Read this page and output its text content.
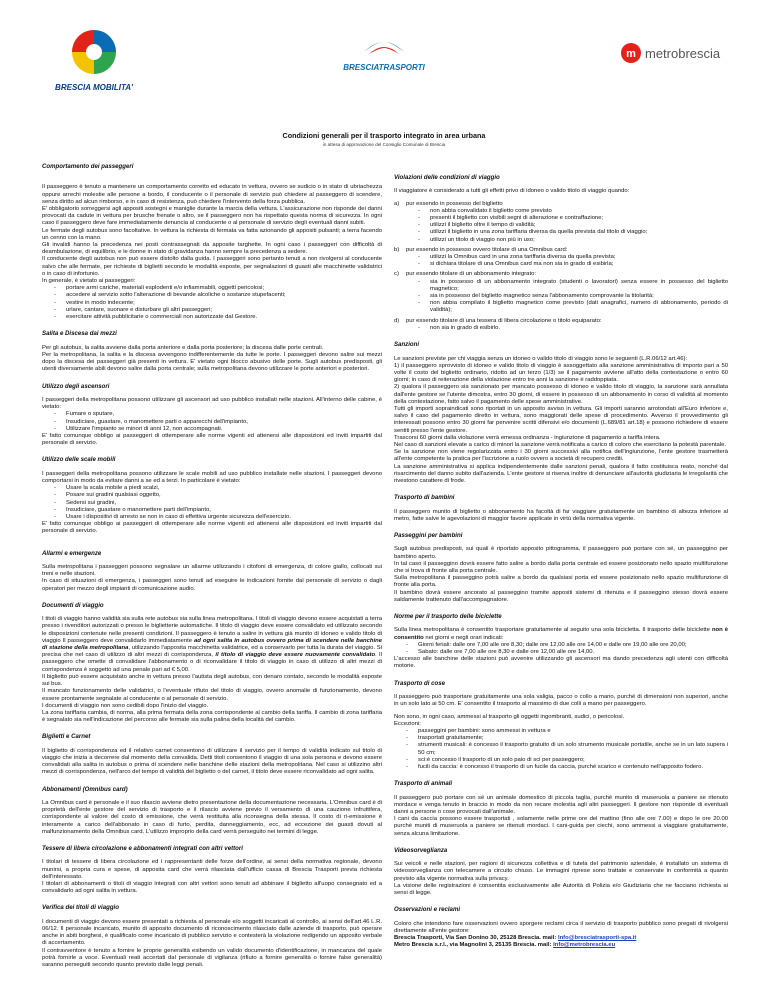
BRESCIA MOBILITA'
BRESCIATRASPORTI
m metrobrescia
Condizioni generali per il trasporto integrato in area urbana
in attesa di approvazione del Consiglio Comunale di Brescia
Comportamento dei passeggeri

Il passeggero è tenuto a mantenere un comportamento corretto ed educato in vettura, ovvero se sudicio o in stato di ubriachezza oppure arrechi molestie alle persone a bordo, il conducente o il personale di servizio può chiedere al passeggero di scendere, senza diritto ad alcun rimborso, e in caso di resistenza, può chiedere l'intervento della forza pubblica.

E' obbligatorio sorreggersi agli appositi sostegni e maniglie durante la marcia della vettura. L'assicurazione non risponde dei danni provocati da cadute in vettura per brusche frenate o altro, se il passeggero non ha rispettato questa norma di sicurezza. In ogni caso il passeggero deve fare immediatamente denuncia al conducente o al personale di servizio degli eventuali danni subiti.

Le fermate degli autobus sono facoltative. In vettura la richiesta di fermata va fatta azionando gli appositi pulsanti; a terra facendo un cenno con la mano.

Gli invalidi hanno la precedenza nei posti contrassegnati da apposite targhette. In ogni caso i passeggeri con difficoltà di deambulazione, di equilibrio, e le donne in stato di gravidanza hanno sempre la precedenza a sedere.

Il conducente degli autobus non può essere distolto dalla guida. I passeggeri sono pertanto tenuti a non rivolgersi al conducente salvo che alle fermate, per richieste di biglietti secondo le modalità esposte, per segnalazioni di guasti alle macchinette validatrici o in caso di infortunio.

In generale, è vietato ai passeggeri:

- portare armi cariche, materiali esplodenti e/o infiammabili, oggetti pericolosi;
- accedere al servizio sotto l'alterazione di bevande alcoliche o sostanze stupefacenti;
- vestire in modo indecente;
- urlare, cantare, suonare e disturbare gli altri passeggeri;
- esercitare attività pubblicitarie o commerciali non autorizzate dal Gestore.
Salita e Discesa dai mezzi

Per gli autobus, la salita avviene dalla porta anteriore e dalla porta posteriore; la discesa dalle porte centrali.

Per la metropolitana, la salita e la discesa avvengono indifferentemente da tutte le porte. I passeggeri devono salire sui mezzi dopo la discesa dei passeggeri già presenti in vettura. E' vietato ogni blocco abusivo delle porte. Sugli autobus predisposti, gli utenti diversamente abili devono salire dalla porta centrale; sulla metropolitana devono utilizzare le porte anteriori e posteriori.

Utilizzo degli ascensori

I passeggeri della metropolitana possono utilizzare gli ascensori ad uso pubblico installati nelle stazioni. All'interno delle cabine, è vietato:

- Fumare o sputare,
- Insudiciare, guastare, o manomettere parti o apparecchi dell'impianto,
- Utilizzare l'impianto se minori di anni 12, non accompagnati.

E' fatto comunque obbligo ai passeggeri di ottemperare alle norme vigenti ed attenersi alle disposizioni ed inviti impartiti dal personale di servizio.

Utilizzo delle scale mobili

I passeggeri della metropolitana possono utilizzare le scale mobili ad uso pubblico installate nelle stazioni. I passeggeri devono comportarsi in modo da evitare danni a se ed a terzi. In particolare è vietato:

- Usare la scala mobile a piedi scalzi,
- Posare sui gradini qualsiasi oggetto,
- Sedersi sui gradini,
- Insudiciare, guastare o manomettere parti dell'impianto,
- Usare i dispositivi di arresto se non in caso di effettiva urgente sicurezza dell'esercizio.

E' fatto comunque obbligo ai passeggeri di ottemperare alle norme vigenti ed attenersi alle disposizioni ed inviti impartiti dal personale di servizio.

Allarmi e emergenze

Sulla metropolitana i passeggeri possono segnalare un allarme utilizzando i citofoni di emergenza, di colore giallo, collocati sui treni e nelle stazioni.

In caso di situazioni di emergenza, i passeggeri sono tenuti ad eseguire le indicazioni fornite dal personale di servizio o dagli operatori per mezzo degli impianti di comunicazione audio.

Documenti di viaggio

I titoli di viaggio hanno validità sia sulla rete autobus sia sulla linea metropolitana. I titoli di viaggio devono essere acquistati a terra presso i rivenditori autorizzati o presso le biglietterie automatiche. Il titolo di viaggio deve essere convalidato ed utilizzato secondo le disposizioni contenute nelle presenti condizioni. Il passeggero è tenuto a salire in vettura già munito di idoneo e valido titolo di viaggio Il passeggero deve convalidarlo immediatamente ad ogni salita in autobus ovvero prima di scendere nelle banchine di stazione della metropolitana, utilizzando l'apposita macchinetta validatrice, ed a conservarlo per tutta la durata del viaggio. Si precisa che nel caso di utilizzo di altri mezzi di corrispondenza, il titolo di viaggio deve essere nuovamente convalidato. Il passeggero che omette di convalidare l'abbonamento o di riconvalidare il titolo di viaggio in caso di utilizzo di altri mezzi di corrispondenza è soggetto ad una penale pari ad € 5,00.

Il biglietto può essere acquistato anche in vettura presso l'autista degli autobus, con denaro contato, secondo le modalità esposte sui bus.

Il mancato funzionamento delle validatrici, o l'eventuale rifiuto del titolo di viaggio, ovvero anomalie di funzionamento, devono essere prontamente segnalate al conducente o al personale di servizio.

I documenti di viaggio non sono cedibili dopo l'inizio del viaggio.

La zona tariffaria cambia, di norma, alla prima fermata della zona corrispondente al cambio della tariffa. Il cambio di zona tariffaria è segnalato sia nell'indicazione del percorso alle fermate sia sulla palina della località del cambio.

Biglietti e Carnet

Il biglietto di corrispondenza ed il relativo carnet consentono di utilizzare il servizio per il tempo di validità indicato sul titolo di viaggio che inizia a decorrere dal momento della convalida. Detti titoli consentono il viaggio di una sola persona e devono essere convalidati alla salita in autobus o prima di scendere nelle banchine delle stazioni della metropolitana. Nel caso si utilizzino altri mezzi di corrispondenza, nell'arco del tempo di validità del biglietto o del carnet, il titolo deve essere riconvalidato ad ogni salita.

Abbonamenti (Omnibus card)

La Omnibus card è personale e il suo rilascio avviene dietro presentazione della documentazione necessaria. L'Omnibus card è di proprietà dell'ente gestore del servizio di trasporto e il rilascio avviene previo il versamento di una cauzione infruttifera, corrispondente al valore del costo di emissione, che verrà restituita alla riconsegna della stessa. Il costo di ri-emissione è interamente a carico dell'abbonato in caso di furto, perdita, danneggiamento, ecc, ad eccezione dei guasti dovuti al malfunzionamento della Omnibus card. L'utilizzo improprio della card verrà perseguito nei termini di legge.

Tessere di libera circolazione e abbonamenti integrati con altri vettori

I titolari di tessere di libera circolazione ed i rappresentanti delle forze dell'ordine, ai sensi della normativa regionale, devono munirsi, a propria cura e spese, di apposita card che verrà rilasciata dall'ufficio cassa di Brescia Trasporti previa richiesta dell'interessato.

I titolari di abbonamenti o titoli di viaggio integrati con altri vettori sono tenuti ad abbinare il biglietto all'uopo consegnato ed a convalidarlo ad ogni salita in vettura.

Verifica dei titoli di viaggio

I documenti di viaggio devono essere presentati a richiesta al personale e/o soggetti incaricati al controllo, ai sensi dell'art.46 L.R. 06/12. Il personale incaricato, munito di apposito documento di riconoscimento rilasciato dalle aziende di trasporto, può operare anche in abiti borghesi, è qualificato come incaricato di pubblico servizio e contesterà la violazione redigendo un apposito verbale di accertamento.

Il contravventore è tenuto a fornire le proprie generalità esibendo un valido documento d'identificazione, in mancanza del quale potrà fornirle a voce. Eventuali reati accertati dal personale di vigilanza (rifiuto a fornire generalità o fornire false generalità) saranno perseguiti secondo quanto previsto dalle leggi penali.

Violazioni delle condizioni di viaggio

Il viaggiatore è considerato a tutti gli effetti privo di idoneo o valido titolo di viaggio quando:

a) pur essendo in possesso del biglietto
- non abbia convalidato il biglietto come previsto
- presenti il biglietto con visibili segni di alterazione e contraffazione;
- utilizzi il biglietto oltre il tempo di validità;
- utilizzi il biglietto in una zona tariffaria diversa da quella prevista dal titolo di viaggio;
- utilizzi un titolo di viaggio non più in uso;
b) pur essendo in possesso ovvero titolare di una Omnibus card:
- utilizzi la Omnibus card in una zona tariffaria diversa da quella prevista;
- si dichiara titolare di una Omnibus card ma non sia in grado di esibirla;
c) pur essendo titolare di un abbonamento integrato:
- sia in possesso di un abbonamento integrato (studenti o lavoratori) senza essere in possesso del biglietto magnetico;
- sia in possesso del biglietto magnetico senza l'abbonamento comprovante la titolarità;
- non abbia compilato il biglietto magnetico come previsto (dati anagrafici, numero di abbonamento, periodo di validità);
d) pur essendo titolare di una tessera di libera circolazione o titolo equiparato:
- non sia in grado di esibirlo.
Sanzioni

Le sanzioni previste per chi viaggia senza un idoneo o valido titolo di viaggio sono le seguenti (L.R.06/12 art.46):

1) il passeggero sprovvisto di idoneo e valido titolo di viaggio è assoggettato alla sanzione amministrativa di importo pari a 50 volte il costo del biglietto ordinario, ridotto ad un terzo (1/3) se il pagamento avviene all'atto della contestazione o entro 60 giorni; in caso di reiterazione della violazione entro tre anni la sanzione è raddoppiata.

2) qualora il passeggero sia sanzionato per mancato possesso di idoneo e valido titolo di viaggio, la sanzione sarà annullata dall'ente gestore se l'utente dimostra, entro 30 giorni, di essere in possesso di un abbonamento in corso di validità al momento della contestazione, fatto salvo il pagamento delle spese amministrative.

Tutti gli importi sopraindicati sono riportati in un apposito avviso in vettura. Gli importi saranno arrotondati all'Euro inferiore e, salvo il caso del pagamento diretto in vettura, sono maggiorati delle spese di procedimento. Avverso il provvedimento gli interessati possono entro 30 giorni far pervenire scritti difensivi e/o documenti (L.689/81 art.18) e possono richiedere di essere sentiti presso l'ente gestore.

Trascorsi 60 giorni dalla violazione verrà emessa ordinanza - ingiunzione di pagamento a tariffa intera.

Nel caso di sanzioni elevate a carico di minori la sanzione verrà notificata a carico di coloro che esercitano la potestà parentale.

Se la sanzione non viene regolarizzata entro i 30 giorni successivi alla notifica dell'ingiunzione, l'ente gestore trasmetterà all'ente competente la pratica per l'iscrizione a ruolo ovvero a società di recupero crediti.

La sanzione amministrativa si applica indipendentemente dalle sanzioni penali, qualora il fatto costituisca reato, nonché dal risarcimento del danno subito dall'azienda. L'ente gestore si riserva inoltre di denunciare all'autorità giudiziaria le irregolarità che rivestono carattere di frode.

Trasporto di bambini

Il passeggero munito di biglietto o abbonamento ha facoltà di far viaggiare gratuitamente un bambino di altezza inferiore al metro, fatte salve le agevolazioni di maggior favore applicate in virtù della normativa vigente.

Passeggini per bambini

Sugli autobus predisposti, sui quali è riportato apposito pittogramma, il passeggero può portare con sé, un passeggino per bambino aperto.

In tal caso il passeggino dovrà essere fatto salire a bordo dalla porta centrale ed essere posizionato nello spazio multifunzione che si trova di fronte alla porta centrale.

Sulla metropolitana il passeggino potrà salire a bordo da qualsiasi porta ed essere posizionato nello spazio multifunzione di fronte alla porta.

Il bambino dovrà essere ancorato al passeggino tramite appositi sistemi di ritenuta e il passeggino stesso dovrà essere saldamente trattenuto dall'accompagnatore.

Norme per il trasporto delle biciclette

Sulla linea metropolitana è consentito trasportare gratuitamente al seguito una sola bicicletta. Il trasporto delle biciclette non è consentito nei giorni e negli orari indicati:

- Giorni feriali: dalle ore 7,00 alle ore 8,30; dalle ore 12,00 alle ore 14,00 e dalle ore 19,00 alle ore 20,00;
- Sabato: dalle ore 7,00 alle ore 8,30 e dalle ore 12,00 alle ore 14,00.

L'accesso alle banchine delle stazioni può avvenire utilizzando gli ascensori ma dando precedenza agli utenti con difficoltà motorie.

Trasporto di cose

Il passeggero può trasportare gratuitamente una sola valigia, pacco o collo a mano, purché di dimensioni non superiori, anche in un solo lato ai 50 cm. E' consentito il trasporto al massimo di due colli a mano per passeggero.

Non sono, in ogni caso, ammessi al trasporto gli oggetti ingombranti, sudici, o pericolosi.

Eccezioni:

- passeggini per bambini: sono ammessi in vettura e
- trasportati gratuitamente;
- strumenti musicali: è concesso il trasporto gratuito di un solo strumento musicale portatile, anche se in un lato supera i 50 cm;
- sci:è concesso il trasporto di un solo paio di sci per passeggero;
- fucili da caccia: è concesso il trasporto di un fucile da caccia, purché scarico e contenuto nell'apposito fodero.
Trasporto di animali

Il passeggero può portare con sé un animale domestico di piccola taglia, purché munito di museruola a paniere se ritenuto mordace e venga tenuto in braccio in modo da non recare molestia agli altri passeggeri. Il gestore non risponde di eventuali danni a persone o cose provocati dall'animale.

I cani da caccia possono essere trasportati , solamente nelle prime ore del mattino (fino alle ore 7.00) e dopo le ore 20.00 purché muniti di museruola a paniere se ritenuti mordaci. I cani-guida per ciechi, sono ammessi a viaggiare gratuitamente, senza alcuna limitazione.

Videosorveglianza

Sui veicoli e nelle stazioni, per ragioni di sicurezza collettiva e di tutela del patrimonio aziendale, è installato un sistema di videosorveglianza con telecamere a circuito chiuso. Le immagini riprese sono trattate e conservate in conformità a quanto previsto alla vigente normativa sulla privacy.

La visione delle registrazioni è consentita esclusivamente alle Autorità di Polizia e/o Giudiziaria che ne facciano richiesta ai sensi di legge.

Osservazioni e reclami

Coloro che intendono fare osservazioni ovvero sporgere reclami circa il servizio di trasporto pubblico sono pregati di rivolgersi direttamente all'ente gestore:

Brescia Trasporti, Via San Donino 30, 25128 Brescia. mail: Info@bresciatrasporti-spa.it

Metro Brescia s.r.l., via Magnolini 3, 25135 Brescia. mail: Info@metrobrescia.eu
